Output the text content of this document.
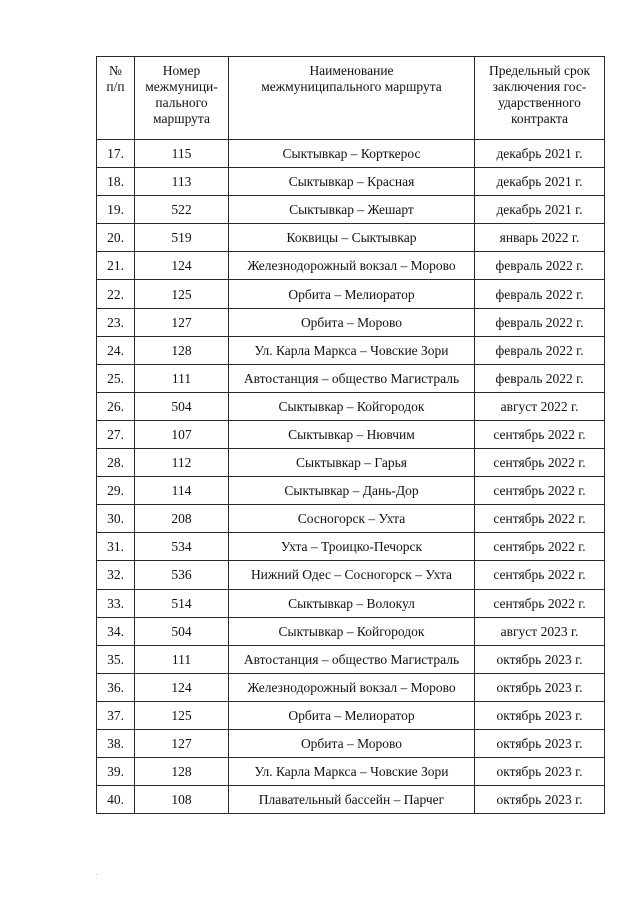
№
п/п	Номер
межмуници-
пального
маршрута	Наименование
межмуниципального маршрута	Предельный срок
заключения гос-
ударственного
контракта

17.	115	Сыктывкар – Корткерос	декабрь 2021 г.
18.	113	Сыктывкар – Красная	декабрь 2021 г.
19.	522	Сыктывкар – Жешарт	декабрь 2021 г.
20.	519	Коквицы – Сыктывкар	январь 2022 г.
21.	124	Железнодорожный вокзал – Морово	февраль 2022 г.
22.	125	Орбита – Мелиоратор	февраль 2022 г.
23.	127	Орбита – Морово	февраль 2022 г.
24.	128	Ул. Карла Маркса – Човские Зори	февраль 2022 г.
25.	111	Автостанция – общество Магистраль	февраль 2022 г.
26.	504	Сыктывкар – Койгородок	август 2022 г.
27.	107	Сыктывкар – Нювчим	сентябрь 2022 г.
28.	112	Сыктывкар – Гарья	сентябрь 2022 г.
29.	114	Сыктывкар – Дань-Дор	сентябрь 2022 г.
30.	208	Сосногорск – Ухта	сентябрь 2022 г.
31.	534	Ухта – Троицко-Печорск	сентябрь 2022 г.
32.	536	Нижний Одес – Сосногорск – Ухта	сентябрь 2022 г.
33.	514	Сыктывкар – Волокул	сентябрь 2022 г.
34.	504	Сыктывкар – Койгородок	август 2023 г.
35.	111	Автостанция – общество Магистраль	октябрь 2023 г.
36.	124	Железнодорожный вокзал – Морово	октябрь 2023 г.
37.	125	Орбита – Мелиоратор	октябрь 2023 г.
38.	127	Орбита – Морово	октябрь 2023 г.
39.	128	Ул. Карла Маркса – Човские Зори	октябрь 2023 г.
40.	108	Плавательный бассейн – Парчег	октябрь 2023 г.
